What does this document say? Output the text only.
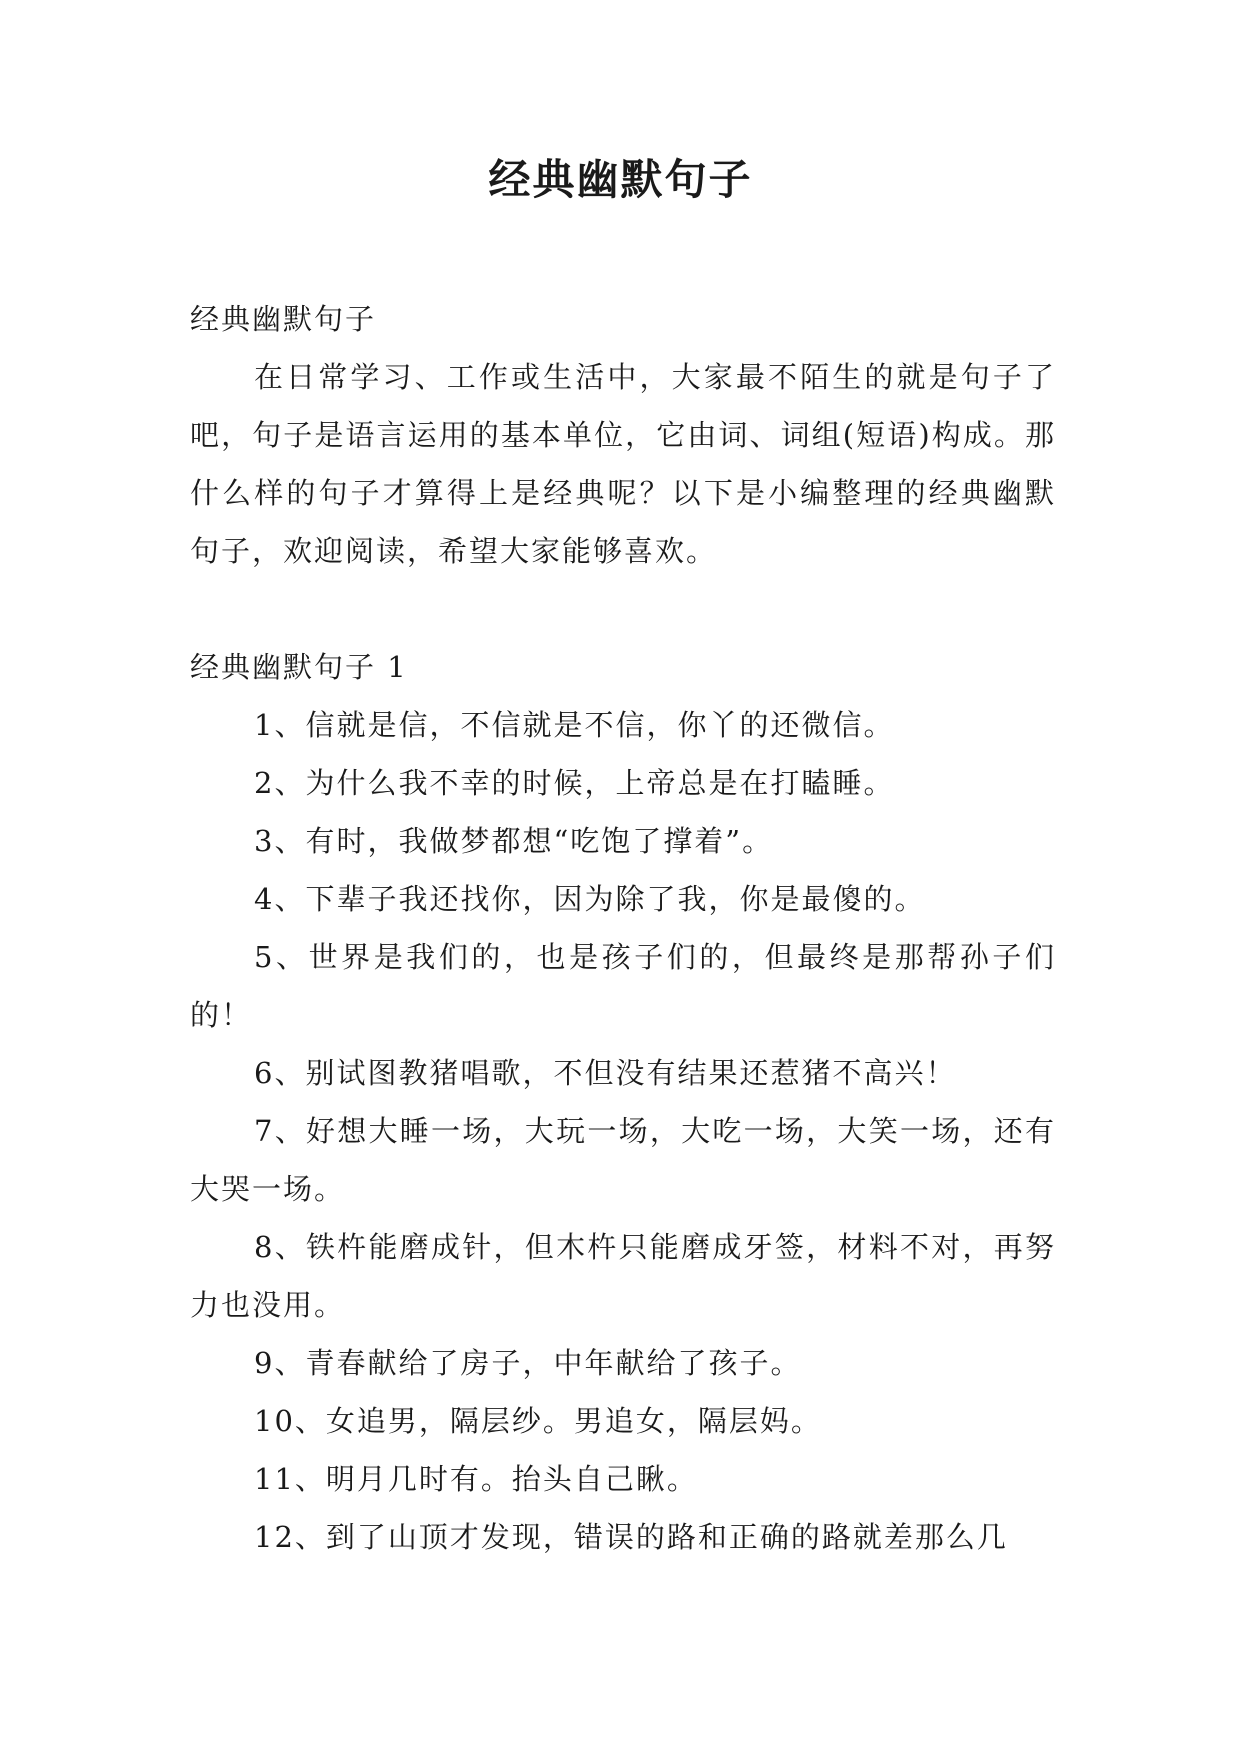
经典幽默句子

经典幽默句子

在日常学习、工作或生活中，大家最不陌生的就是句子了吧，句子是语言运用的基本单位，它由词、词组(短语)构成。那什么样的句子才算得上是经典呢？以下是小编整理的经典幽默句子，欢迎阅读，希望大家能够喜欢。

经典幽默句子 1

1、信就是信，不信就是不信，你丫的还微信。

2、为什么我不幸的时候，上帝总是在打瞌睡。

3、有时，我做梦都想“吃饱了撑着”。

4、下辈子我还找你，因为除了我，你是最傻的。

5、世界是我们的，也是孩子们的，但最终是那帮孙子们的！

6、别试图教猪唱歌，不但没有结果还惹猪不高兴！

7、好想大睡一场，大玩一场，大吃一场，大笑一场，还有大哭一场。

8、铁杵能磨成针，但木杵只能磨成牙签，材料不对，再努力也没用。

9、青春献给了房子，中年献给了孩子。

10、女追男，隔层纱。男追女，隔层妈。

11、明月几时有。抬头自己瞅。

12、到了山顶才发现，错误的路和正确的路就差那么几
